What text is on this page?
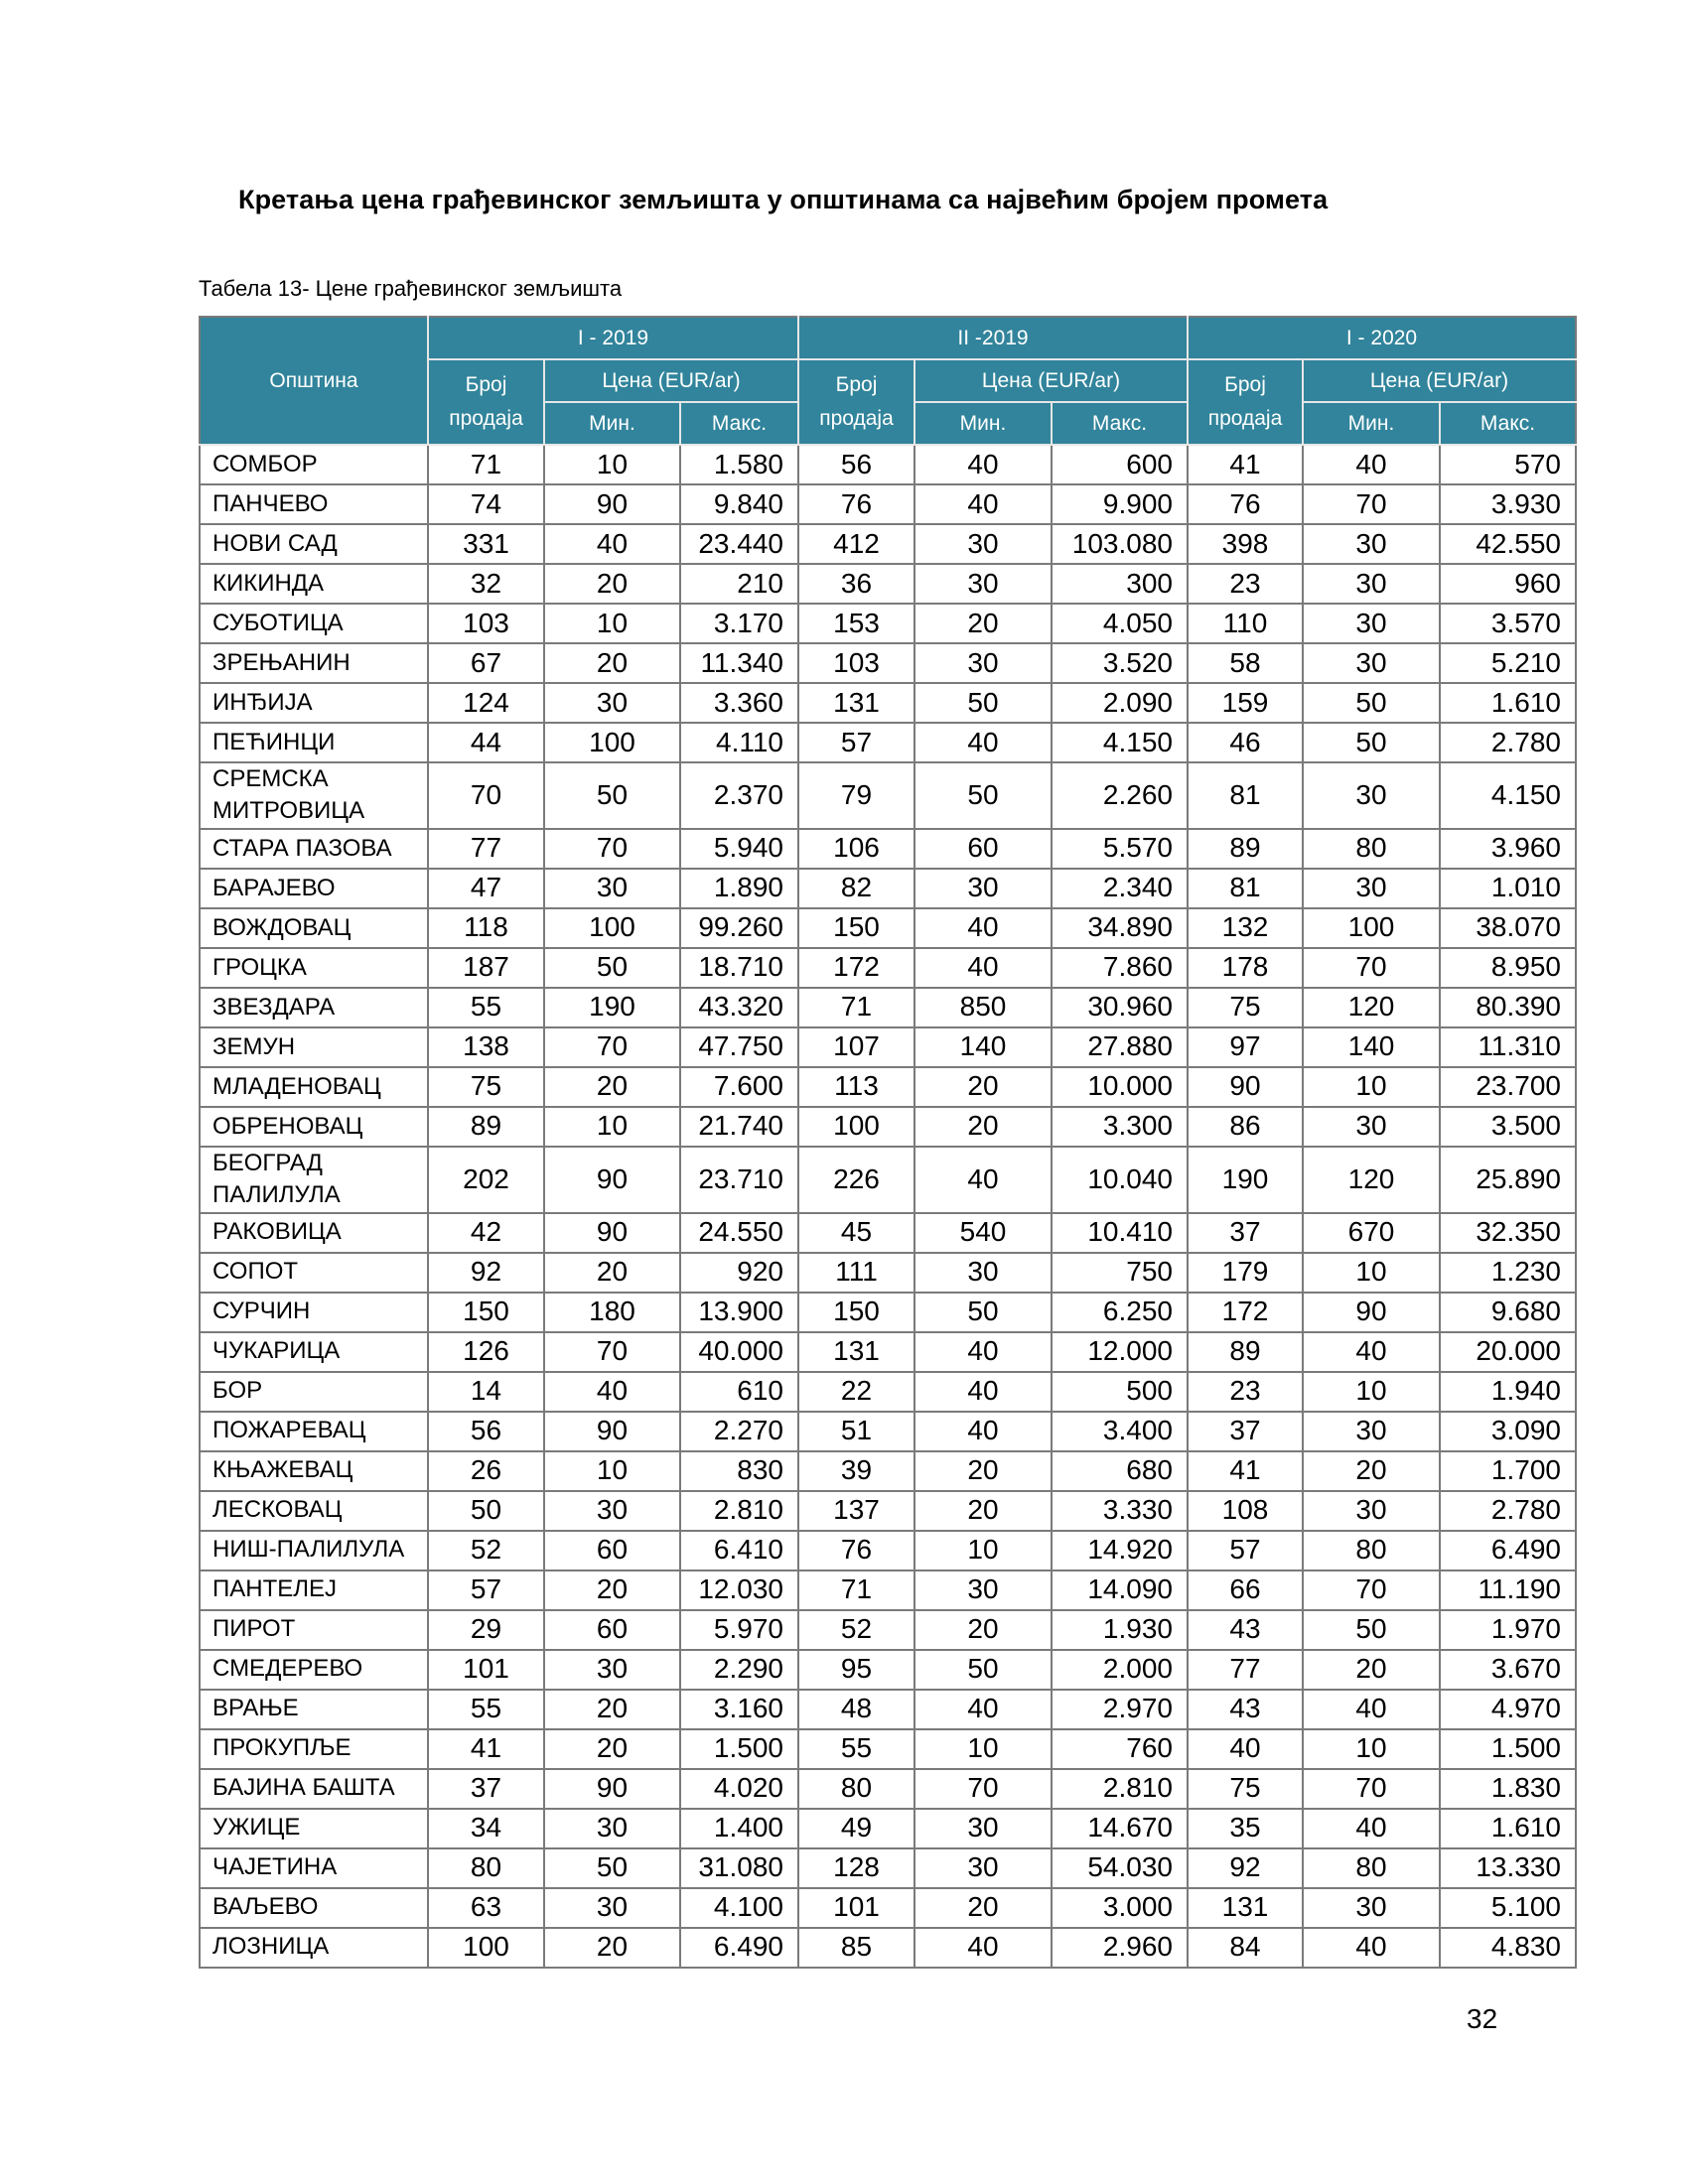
Кретања цена грађевинског земљишта у општинама са највећим бројем промета
Табела 13- Цене грађевинског земљишта
Општина	I - 2019			II -2019			I - 2020		
	Број продаја	Цена (EUR/ar)		Број продаја	Цена (EUR/ar)		Број продаја	Цена (EUR/ar)	
		Мин.	Макс.		Мин.	Макс.		Мин.	Макс.
СОМБОР	71	10	1.580	56	40	600	41	40	570
ПАНЧЕВО	74	90	9.840	76	40	9.900	76	70	3.930
НОВИ САД	331	40	23.440	412	30	103.080	398	30	42.550
КИКИНДА	32	20	210	36	30	300	23	30	960
СУБОТИЦА	103	10	3.170	153	20	4.050	110	30	3.570
ЗРЕЊАНИН	67	20	11.340	103	30	3.520	58	30	5.210
ИНЂИЈА	124	30	3.360	131	50	2.090	159	50	1.610
ПЕЋИНЦИ	44	100	4.110	57	40	4.150	46	50	2.780
СРЕМСКА МИТРОВИЦА	70	50	2.370	79	50	2.260	81	30	4.150
СТАРА ПАЗОВА	77	70	5.940	106	60	5.570	89	80	3.960
БАРАЈЕВО	47	30	1.890	82	30	2.340	81	30	1.010
ВОЖДОВАЦ	118	100	99.260	150	40	34.890	132	100	38.070
ГРОЦКА	187	50	18.710	172	40	7.860	178	70	8.950
ЗВЕЗДАРА	55	190	43.320	71	850	30.960	75	120	80.390
ЗЕМУН	138	70	47.750	107	140	27.880	97	140	11.310
МЛАДЕНОВАЦ	75	20	7.600	113	20	10.000	90	10	23.700
ОБРЕНОВАЦ	89	10	21.740	100	20	3.300	86	30	3.500
БЕОГРАД ПАЛИЛУЛА	202	90	23.710	226	40	10.040	190	120	25.890
РАКОВИЦА	42	90	24.550	45	540	10.410	37	670	32.350
СОПОТ	92	20	920	111	30	750	179	10	1.230
СУРЧИН	150	180	13.900	150	50	6.250	172	90	9.680
ЧУКАРИЦА	126	70	40.000	131	40	12.000	89	40	20.000
БОР	14	40	610	22	40	500	23	10	1.940
ПОЖАРЕВАЦ	56	90	2.270	51	40	3.400	37	30	3.090
КЊАЖЕВАЦ	26	10	830	39	20	680	41	20	1.700
ЛЕСКОВАЦ	50	30	2.810	137	20	3.330	108	30	2.780
НИШ-ПАЛИЛУЛА	52	60	6.410	76	10	14.920	57	80	6.490
ПАНТЕЛЕЈ	57	20	12.030	71	30	14.090	66	70	11.190
ПИРОТ	29	60	5.970	52	20	1.930	43	50	1.970
СМЕДЕРЕВО	101	30	2.290	95	50	2.000	77	20	3.670
ВРАЊЕ	55	20	3.160	48	40	2.970	43	40	4.970
ПРОКУПЉЕ	41	20	1.500	55	10	760	40	10	1.500
БАЈИНА БАШТА	37	90	4.020	80	70	2.810	75	70	1.830
УЖИЦЕ	34	30	1.400	49	30	14.670	35	40	1.610
ЧАЈЕТИНА	80	50	31.080	128	30	54.030	92	80	13.330
ВАЉЕВО	63	30	4.100	101	20	3.000	131	30	5.100
ЛОЗНИЦА	100	20	6.490	85	40	2.960	84	40	4.830
32
